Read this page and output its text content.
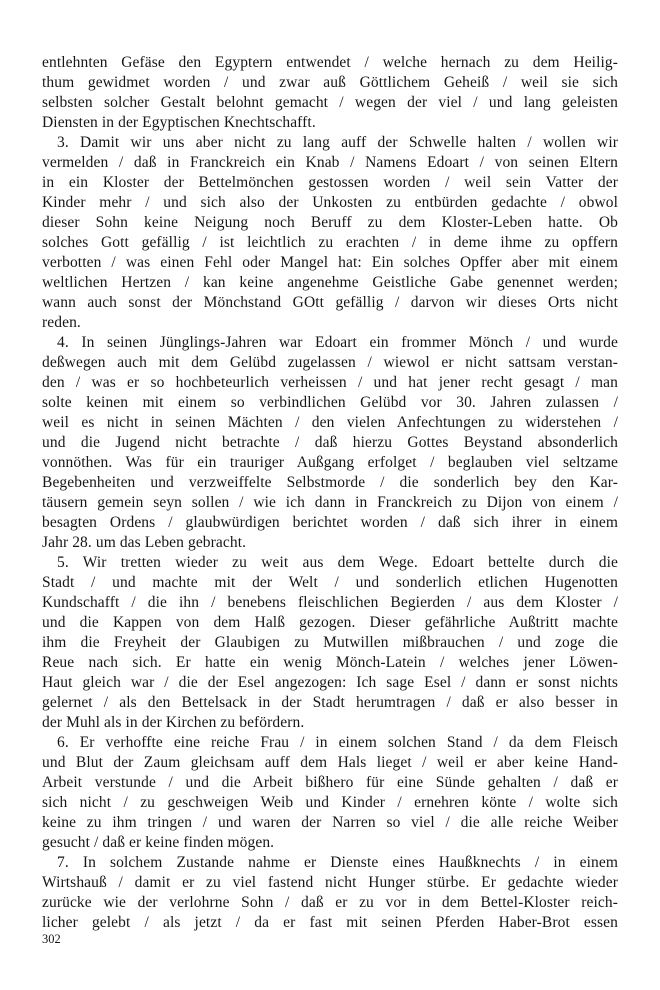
entlehnten Gefäse den Egyptern entwendet / welche hernach zu dem Heilig-
thum gewidmet worden / und zwar auß Göttlichem Geheiß / weil sie sich
selbsten solcher Gestalt belohnt gemacht / wegen der viel / und lang geleisten
Diensten in der Egyptischen Knechtschafft.
3. Damit wir uns aber nicht zu lang auff der Schwelle halten / wollen wir
vermelden / daß in Franckreich ein Knab / Namens Edoart / von seinen Eltern
in ein Kloster der Bettelmönchen gestossen worden / weil sein Vatter der
Kinder mehr / und sich also der Unkosten zu entbürden gedachte / obwol
dieser Sohn keine Neigung noch Beruff zu dem Kloster-Leben hatte. Ob
solches Gott gefällig / ist leichtlich zu erachten / in deme ihme zu opffern
verbotten / was einen Fehl oder Mangel hat: Ein solches Opffer aber mit einem
weltlichen Hertzen / kan keine angenehme Geistliche Gabe genennet werden;
wann auch sonst der Mönchstand GOtt gefällig / darvon wir dieses Orts nicht
reden.
4. In seinen Jünglings-Jahren war Edoart ein frommer Mönch / und wurde
deßwegen auch mit dem Gelübd zugelassen / wiewol er nicht sattsam verstan-
den / was er so hochbeteurlich verheissen / und hat jener recht gesagt / man
solte keinen mit einem so verbindlichen Gelübd vor 30. Jahren zulassen /
weil es nicht in seinen Mächten / den vielen Anfechtungen zu widerstehen /
und die Jugend nicht betrachte / daß hierzu Gottes Beystand absonderlich
vonnöthen. Was für ein trauriger Außgang erfolget / beglauben viel seltzame
Begebenheiten und verzweiffelte Selbstmorde / die sonderlich bey den Kar-
täusern gemein seyn sollen / wie ich dann in Franckreich zu Dijon von einem /
besagten Ordens / glaubwürdigen berichtet worden / daß sich ihrer in einem
Jahr 28. um das Leben gebracht.
5. Wir tretten wieder zu weit aus dem Wege. Edoart bettelte durch die
Stadt / und machte mit der Welt / und sonderlich etlichen Hugenotten
Kundschafft / die ihn / benebens fleischlichen Begierden / aus dem Kloster /
und die Kappen von dem Halß gezogen. Dieser gefährliche Außtritt machte
ihm die Freyheit der Glaubigen zu Mutwillen mißbrauchen / und zoge die
Reue nach sich. Er hatte ein wenig Mönch-Latein / welches jener Löwen-
Haut gleich war / die der Esel angezogen: Ich sage Esel / dann er sonst nichts
gelernet / als den Bettelsack in der Stadt herumtragen / daß er also besser in
der Muhl als in der Kirchen zu befördern.
6. Er verhoffte eine reiche Frau / in einem solchen Stand / da dem Fleisch
und Blut der Zaum gleichsam auff dem Hals lieget / weil er aber keine Hand-
Arbeit verstunde / und die Arbeit bißhero für eine Sünde gehalten / daß er
sich nicht / zu geschweigen Weib und Kinder / ernehren könte / wolte sich
keine zu ihm tringen / und waren der Narren so viel / die alle reiche Weiber
gesucht / daß er keine finden mögen.
7. In solchem Zustande nahme er Dienste eines Haußknechts / in einem
Wirtshauß / damit er zu viel fastend nicht Hunger stürbe. Er gedachte wieder
zurücke wie der verlohrne Sohn / daß er zu vor in dem Bettel-Kloster reich-
licher gelebt / als jetzt / da er fast mit seinen Pferden Haber-Brot essen
302
